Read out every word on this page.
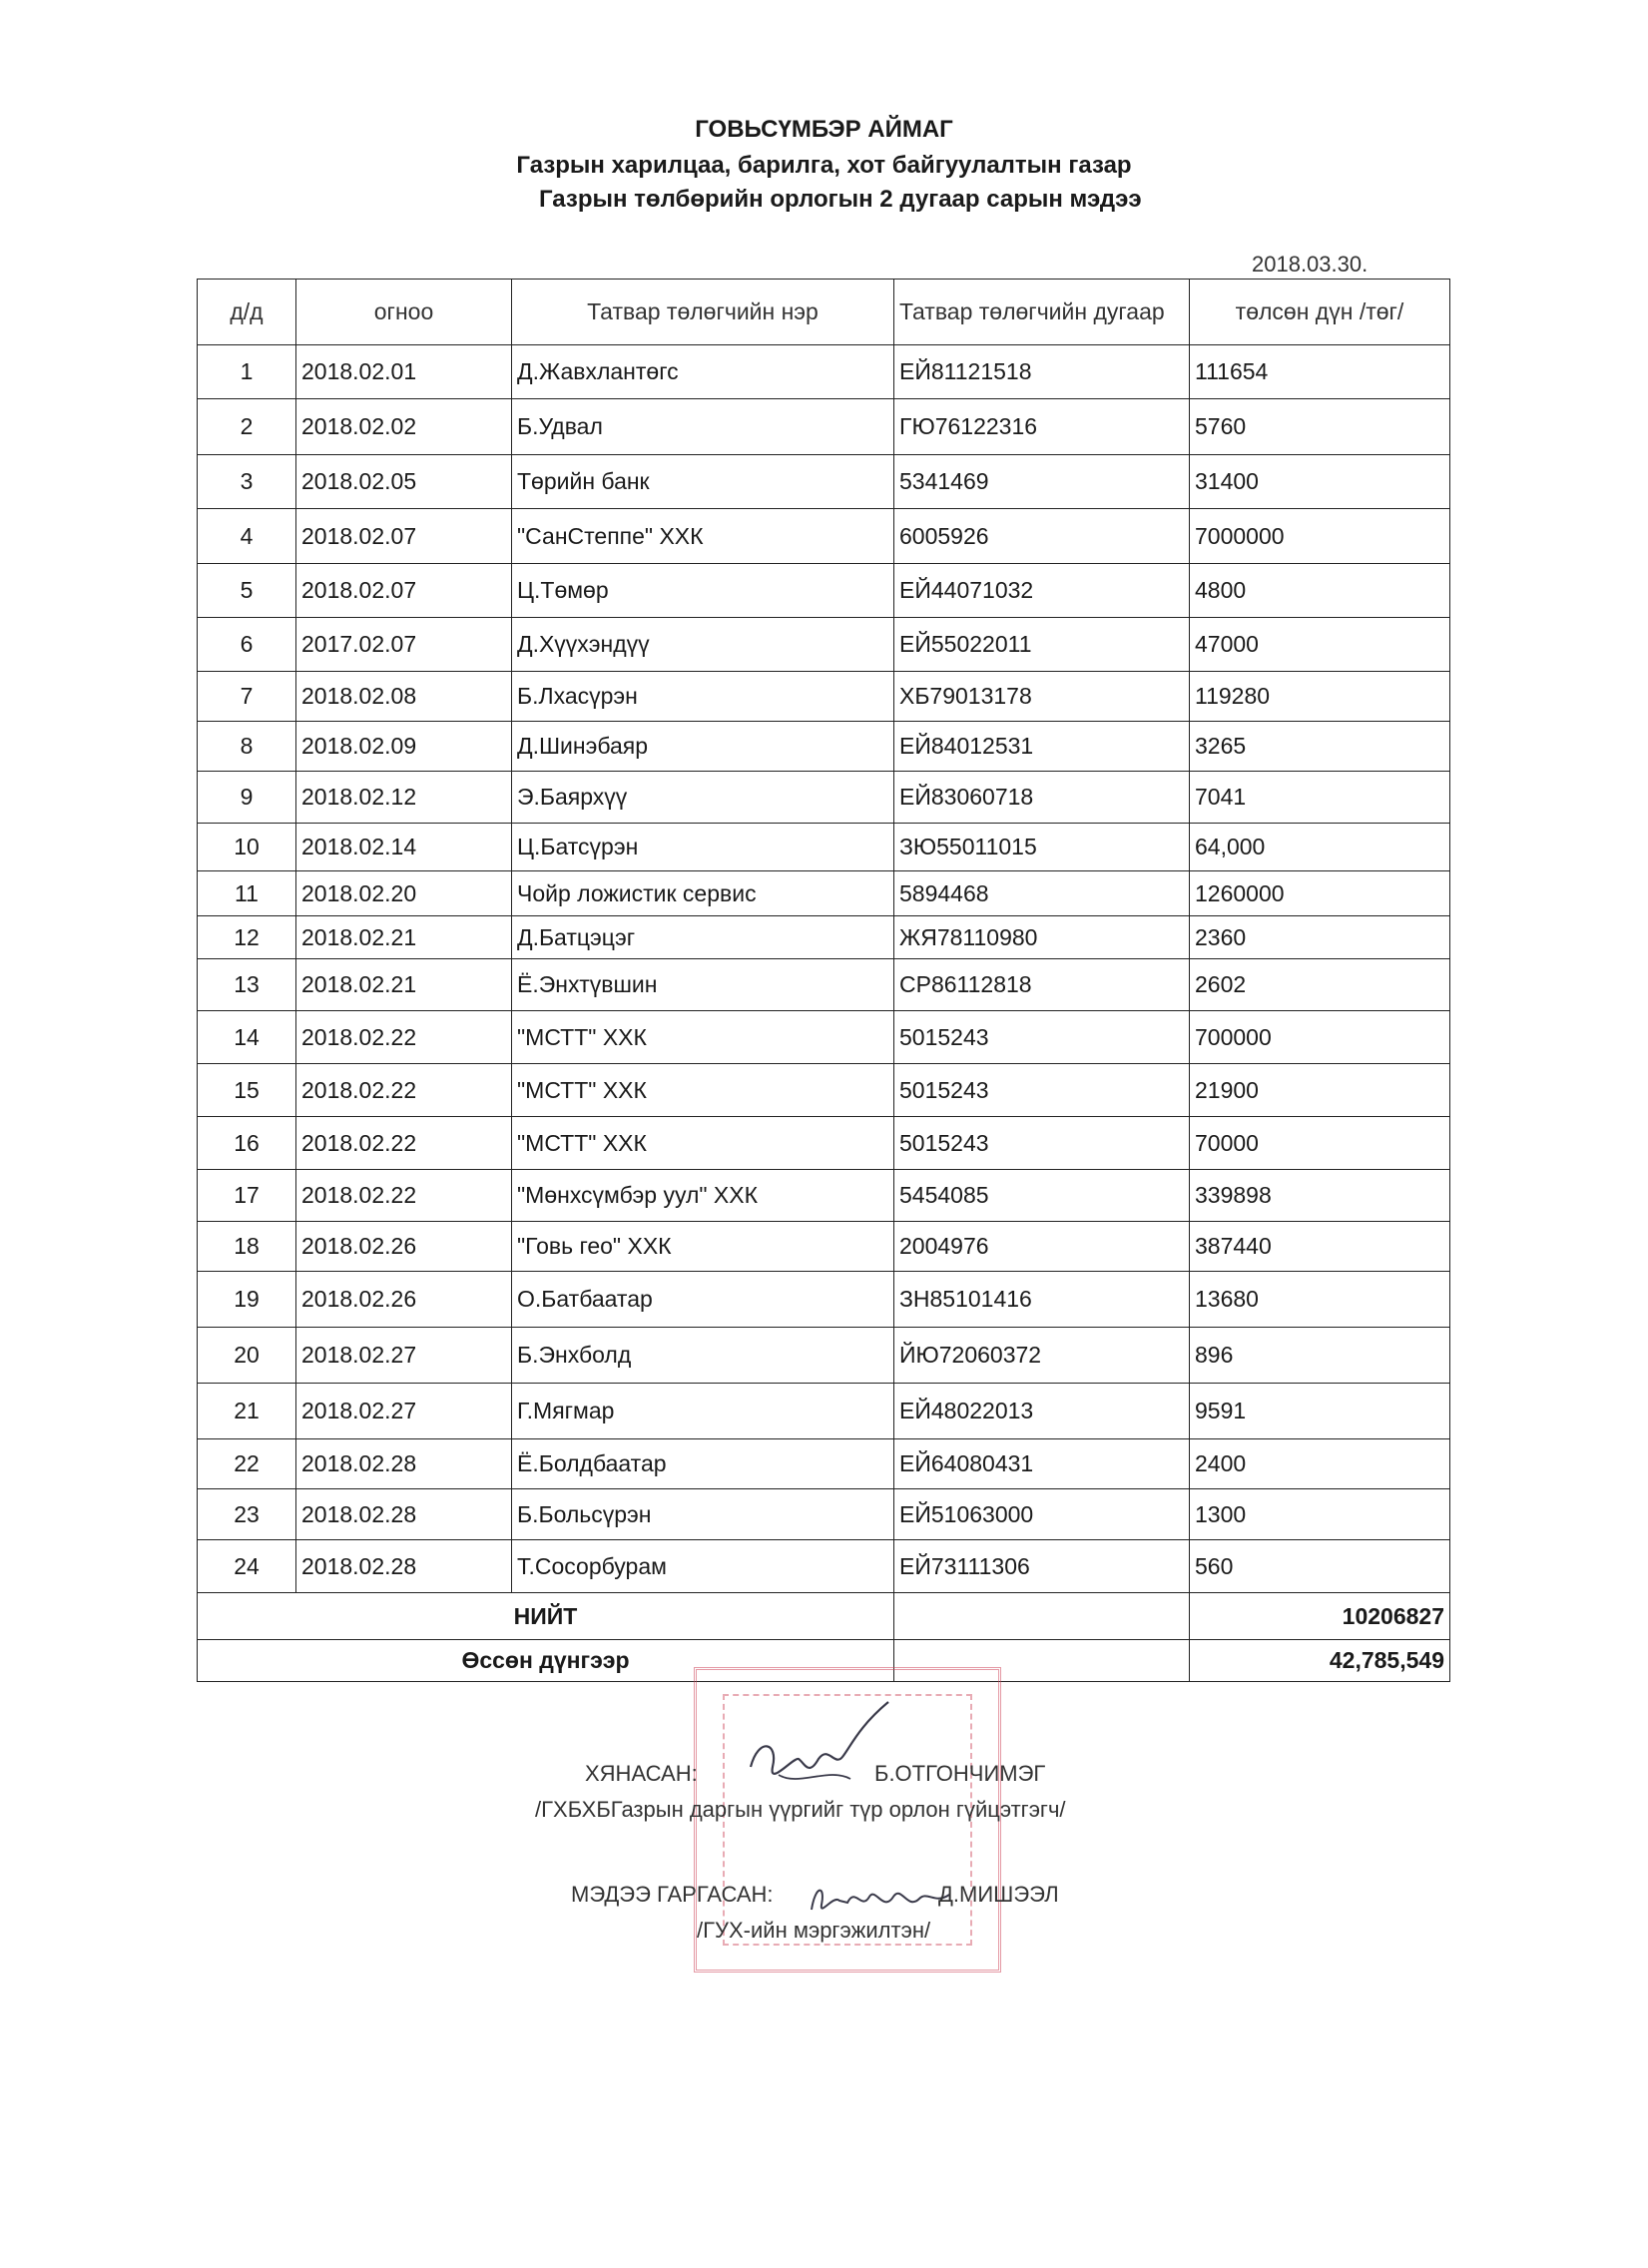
ГОВЬСҮМБЭР АЙМАГ
Газрын харилцаа, барилга, хот байгуулалтын газар
Газрын төлбөрийн орлогын 2 дугаар сарын мэдээ
2018.03.30.
д/д	огноо	Татвар төлөгчийн нэр	Татвар төлөгчийн дугаар	төлсөн дүн /төг/
1	2018.02.01	Д.Жавхлантөгс	ЕЙ81121518	111654
2	2018.02.02	Б.Удвал	ГЮ76122316	5760
3	2018.02.05	Төрийн банк	5341469	31400
4	2018.02.07	"СанСтеппе" ХХК	6005926	7000000
5	2018.02.07	Ц.Төмөр	ЕЙ44071032	4800
6	2017.02.07	Д.Хүүхэндүү	ЕЙ55022011	47000
7	2018.02.08	Б.Лхасүрэн	ХБ79013178	119280
8	2018.02.09	Д.Шинэбаяр	ЕЙ84012531	3265
9	2018.02.12	Э.Баярхүү	ЕЙ83060718	7041
10	2018.02.14	Ц.Батсүрэн	ЗЮ55011015	64,000
11	2018.02.20	Чойр ложистик сервис	5894468	1260000
12	2018.02.21	Д.Батцэцэг	ЖЯ78110980	2360
13	2018.02.21	Ё.Энхтүвшин	СР86112818	2602
14	2018.02.22	"МСТТ" ХХК	5015243	700000
15	2018.02.22	"МСТТ" ХХК	5015243	21900
16	2018.02.22	"МСТТ" ХХК	5015243	70000
17	2018.02.22	"Мөнхсүмбэр уул" ХХК	5454085	339898
18	2018.02.26	"Говь гео" ХХК	2004976	387440
19	2018.02.26	О.Батбаатар	ЗН85101416	13680
20	2018.02.27	Б.Энхболд	ЙЮ72060372	896
21	2018.02.27	Г.Мягмар	ЕЙ48022013	9591
22	2018.02.28	Ё.Болдбаатар	ЕЙ64080431	2400
23	2018.02.28	Б.Больсүрэн	ЕЙ51063000	1300
24	2018.02.28	Т.Сосорбурам	ЕЙ73111306	560
НИЙТ				10206827
Өссөн дүнгээр				42,785,549
ХЯНАСАН:	Б.ОТГОНЧИМЭГ
/ГХБХБГазрын даргын үүргийг түр орлон гүйцэтгэгч/
МЭДЭЭ ГАРГАСАН:	Д.МИШЭЭЛ
/ГУХ-ийн мэргэжилтэн/
